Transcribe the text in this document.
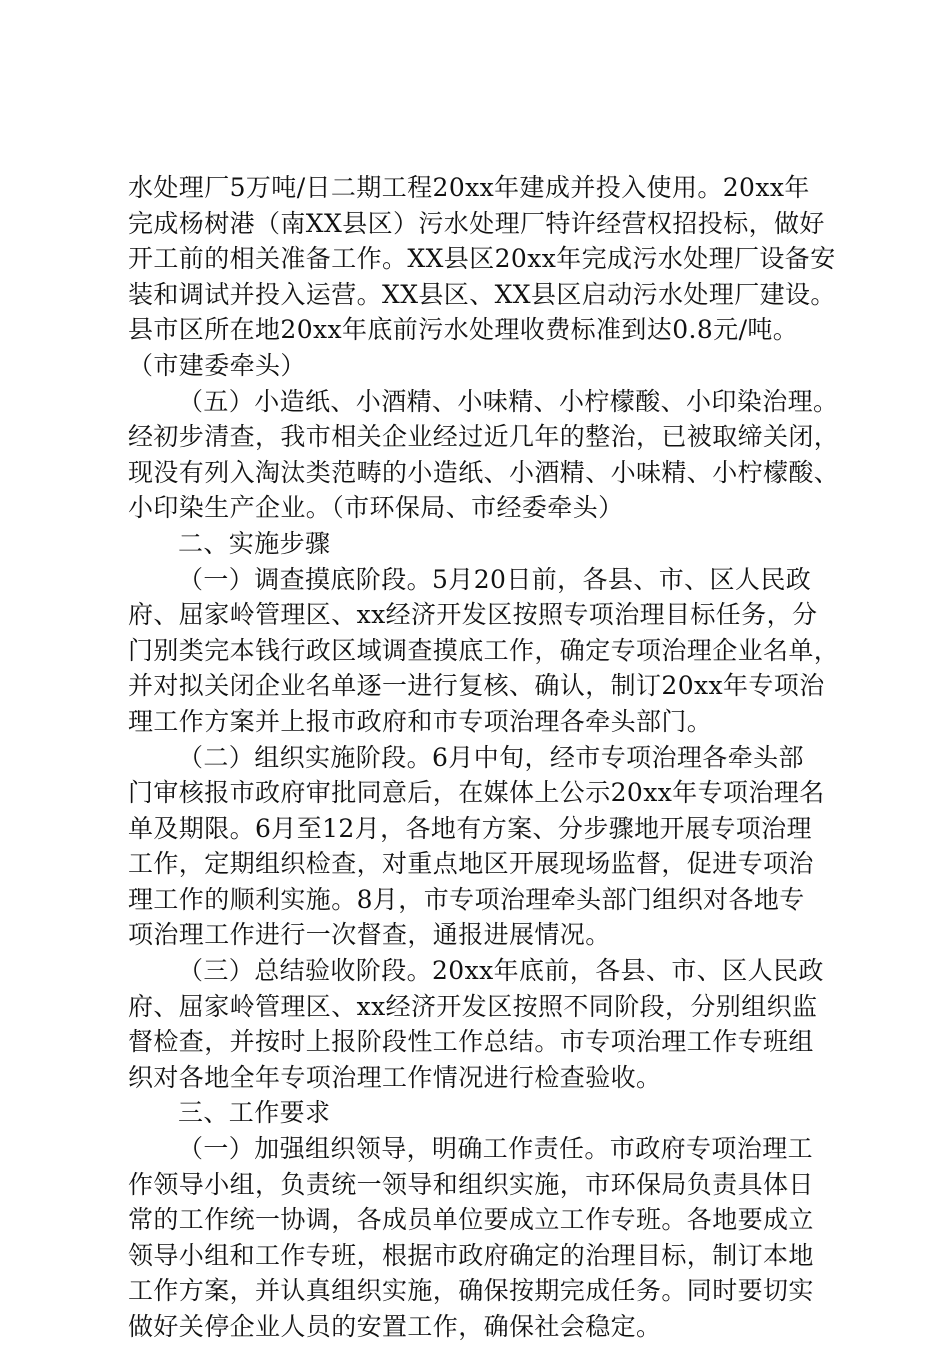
水处理厂5万吨/日二期工程20xx年建成并投入使用。20xx年
完成杨树港（南XX县区）污水处理厂特许经营权招投标，做好
开工前的相关准备工作。XX县区20xx年完成污水处理厂设备安
装和调试并投入运营。XX县区、XX县区启动污水处理厂建设。
县市区所在地20xx年底前污水处理收费标准到达0.8元/吨。
（市建委牵头）
（五）小造纸、小酒精、小味精、小柠檬酸、小印染治理。
经初步清查，我市相关企业经过近几年的整治，已被取缔关闭，
现没有列入淘汰类范畴的小造纸、小酒精、小味精、小柠檬酸、
小印染生产企业。（市环保局、市经委牵头）
二、实施步骤
（一）调查摸底阶段。5月20日前，各县、市、区人民政
府、屈家岭管理区、xx经济开发区按照专项治理目标任务，分
门别类完本钱行政区域调查摸底工作，确定专项治理企业名单，
并对拟关闭企业名单逐一进行复核、确认，制订20xx年专项治
理工作方案并上报市政府和市专项治理各牵头部门。
（二）组织实施阶段。6月中旬，经市专项治理各牵头部
门审核报市政府审批同意后，在媒体上公示20xx年专项治理名
单及期限。6月至12月，各地有方案、分步骤地开展专项治理
工作，定期组织检查，对重点地区开展现场监督，促进专项治
理工作的顺利实施。8月，市专项治理牵头部门组织对各地专
项治理工作进行一次督查，通报进展情况。
（三）总结验收阶段。20xx年底前，各县、市、区人民政
府、屈家岭管理区、xx经济开发区按照不同阶段，分别组织监
督检查，并按时上报阶段性工作总结。市专项治理工作专班组
织对各地全年专项治理工作情况进行检查验收。
三、工作要求
（一）加强组织领导，明确工作责任。市政府专项治理工
作领导小组，负责统一领导和组织实施，市环保局负责具体日
常的工作统一协调，各成员单位要成立工作专班。各地要成立
领导小组和工作专班，根据市政府确定的治理目标，制订本地
工作方案，并认真组织实施，确保按期完成任务。同时要切实
做好关停企业人员的安置工作，确保社会稳定。
